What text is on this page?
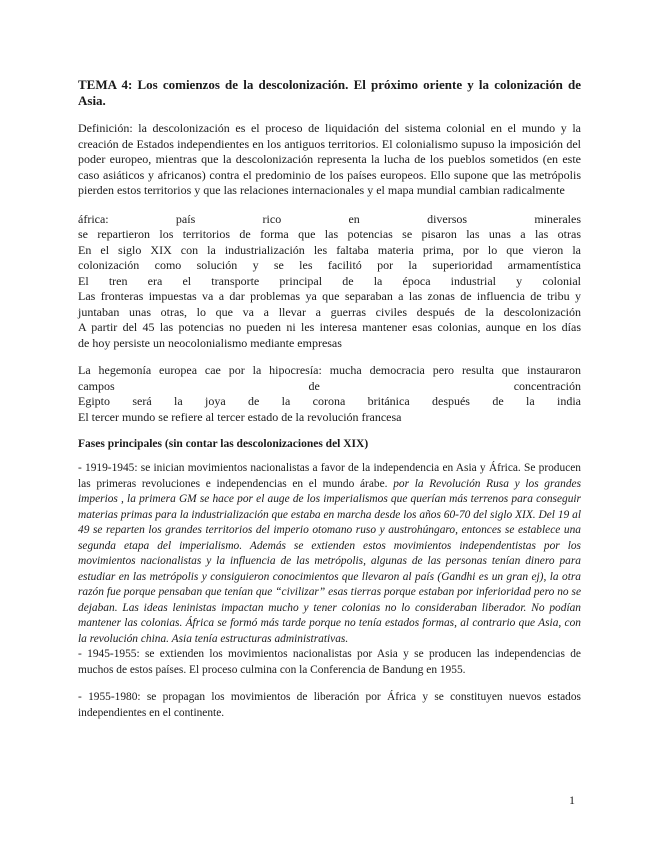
TEMA 4: Los comienzos de la descolonización. El próximo oriente y la colonización de Asia.

Definición: la descolonización es el proceso de liquidación del sistema colonial en el mundo y la creación de Estados independientes en los antiguos territorios. El colonialismo supuso la imposición del poder europeo, mientras que la descolonización representa la lucha de los pueblos sometidos (en este caso asiáticos y africanos) contra el predominio de los países europeos. Ello supone que las metrópolis pierden estos territorios y que las relaciones internacionales y el mapa mundial cambian radicalmente

áfrica: país rico en diversos minerales
se repartieron los territorios de forma que las potencias se pisaron las unas a las otras
En el siglo XIX con la industrialización les faltaba materia prima, por lo que vieron la
colonización como solución y se les facilitó por la superioridad armamentística
El tren era el transporte principal de la época industrial y colonial
Las fronteras impuestas va a dar problemas ya que separaban a las zonas de influencia de tribu y
juntaban unas otras, lo que va a llevar a guerras civiles después de la descolonización
A partir del 45 las potencias no pueden ni les interesa mantener esas colonias, aunque en los días
de hoy persiste un neocolonialismo mediante empresas
La hegemonía europea cae por la hipocresía: mucha democracia pero resulta que instauraron
campos de concentración
Egipto será la joya de la corona británica después de la india
El tercer mundo se refiere al tercer estado de la revolución francesa

Fases principales (sin contar las descolonizaciones del XIX)

- 1919-1945: se inician movimientos nacionalistas a favor de la independencia en Asia y África. Se producen las primeras revoluciones e independencias en el mundo árabe. por la Revolución Rusa y los grandes imperios , la primera GM se hace por el auge de los imperialismos que querían más terrenos para conseguir materias primas para la industrialización que estaba en marcha desde los años 60-70 del siglo XIX. Del 19 al 49 se reparten los grandes territorios del imperio otomano ruso y austrohúngaro, entonces se establece una segunda etapa del imperialismo. Además se extienden estos movimientos independentistas por los movimientos nacionalistas y la influencia de las metrópolis, algunas de las personas tenían dinero para estudiar en las metrópolis y consiguieron conocimientos que llevaron al país (Gandhi es un gran ej), la otra razón fue porque pensaban que tenían que “civilizar” esas tierras porque estaban por inferioridad pero no se dejaban. Las ideas leninistas impactan mucho y tener colonias no lo consideraban liberador. No podían mantener las colonias. África se formó más tarde porque no tenía estados formas, al contrario que Asia, con la revolución china. Asia tenía estructuras administrativas.

- 1945-1955: se extienden los movimientos nacionalistas por Asia y se producen las independencias de muchos de estos países. El proceso culmina con la Conferencia de Bandung en 1955.

- 1955-1980: se propagan los movimientos de liberación por África y se constituyen nuevos estados independientes en el continente.

1
